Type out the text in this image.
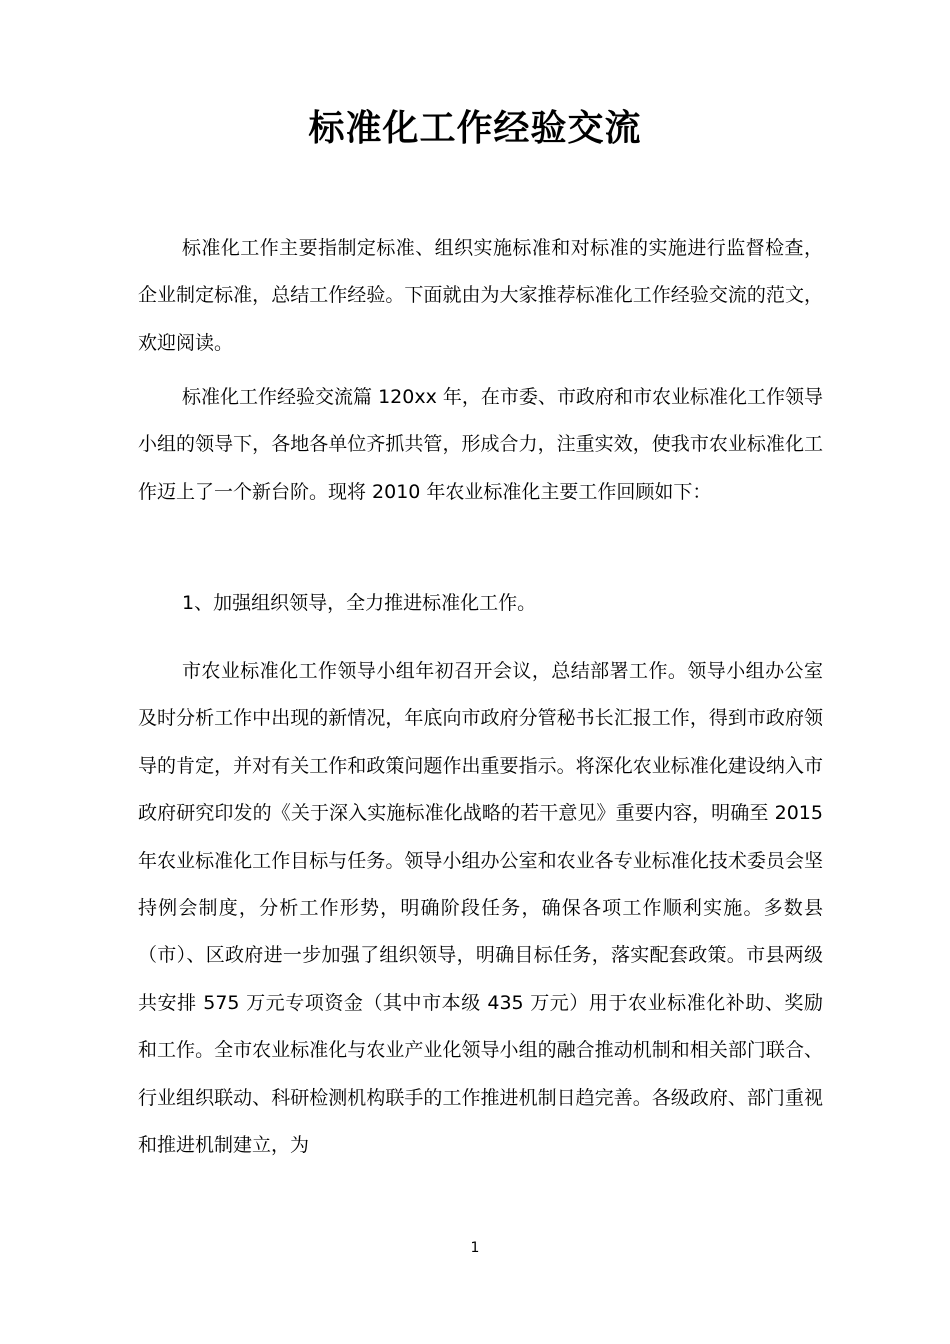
标准化工作经验交流

标准化工作主要指制定标准、组织实施标准和对标准的实施进行监督检查，企业制定标准，总结工作经验。下面就由为大家推荐标准化工作经验交流的范文，欢迎阅读。

标准化工作经验交流篇 120xx 年，在市委、市政府和市农业标准化工作领导小组的领导下，各地各单位齐抓共管，形成合力，注重实效，使我市农业标准化工作迈上了一个新台阶。现将 2010 年农业标准化主要工作回顾如下：

1、加强组织领导，全力推进标准化工作。

市农业标准化工作领导小组年初召开会议，总结部署工作。领导小组办公室及时分析工作中出现的新情况，年底向市政府分管秘书长汇报工作，得到市政府领导的肯定，并对有关工作和政策问题作出重要指示。将深化农业标准化建设纳入市政府研究印发的《关于深入实施标准化战略的若干意见》重要内容，明确至 2015 年农业标准化工作目标与任务。领导小组办公室和农业各专业标准化技术委员会坚持例会制度，分析工作形势，明确阶段任务，确保各项工作顺利实施。多数县（市）、区政府进一步加强了组织领导，明确目标任务，落实配套政策。市县两级共安排 575 万元专项资金（其中市本级 435 万元）用于农业标准化补助、奖励和工作。全市农业标准化与农业产业化领导小组的融合推动机制和相关部门联合、行业组织联动、科研检测机构联手的工作推进机制日趋完善。各级政府、部门重视和推进机制建立，为

1
